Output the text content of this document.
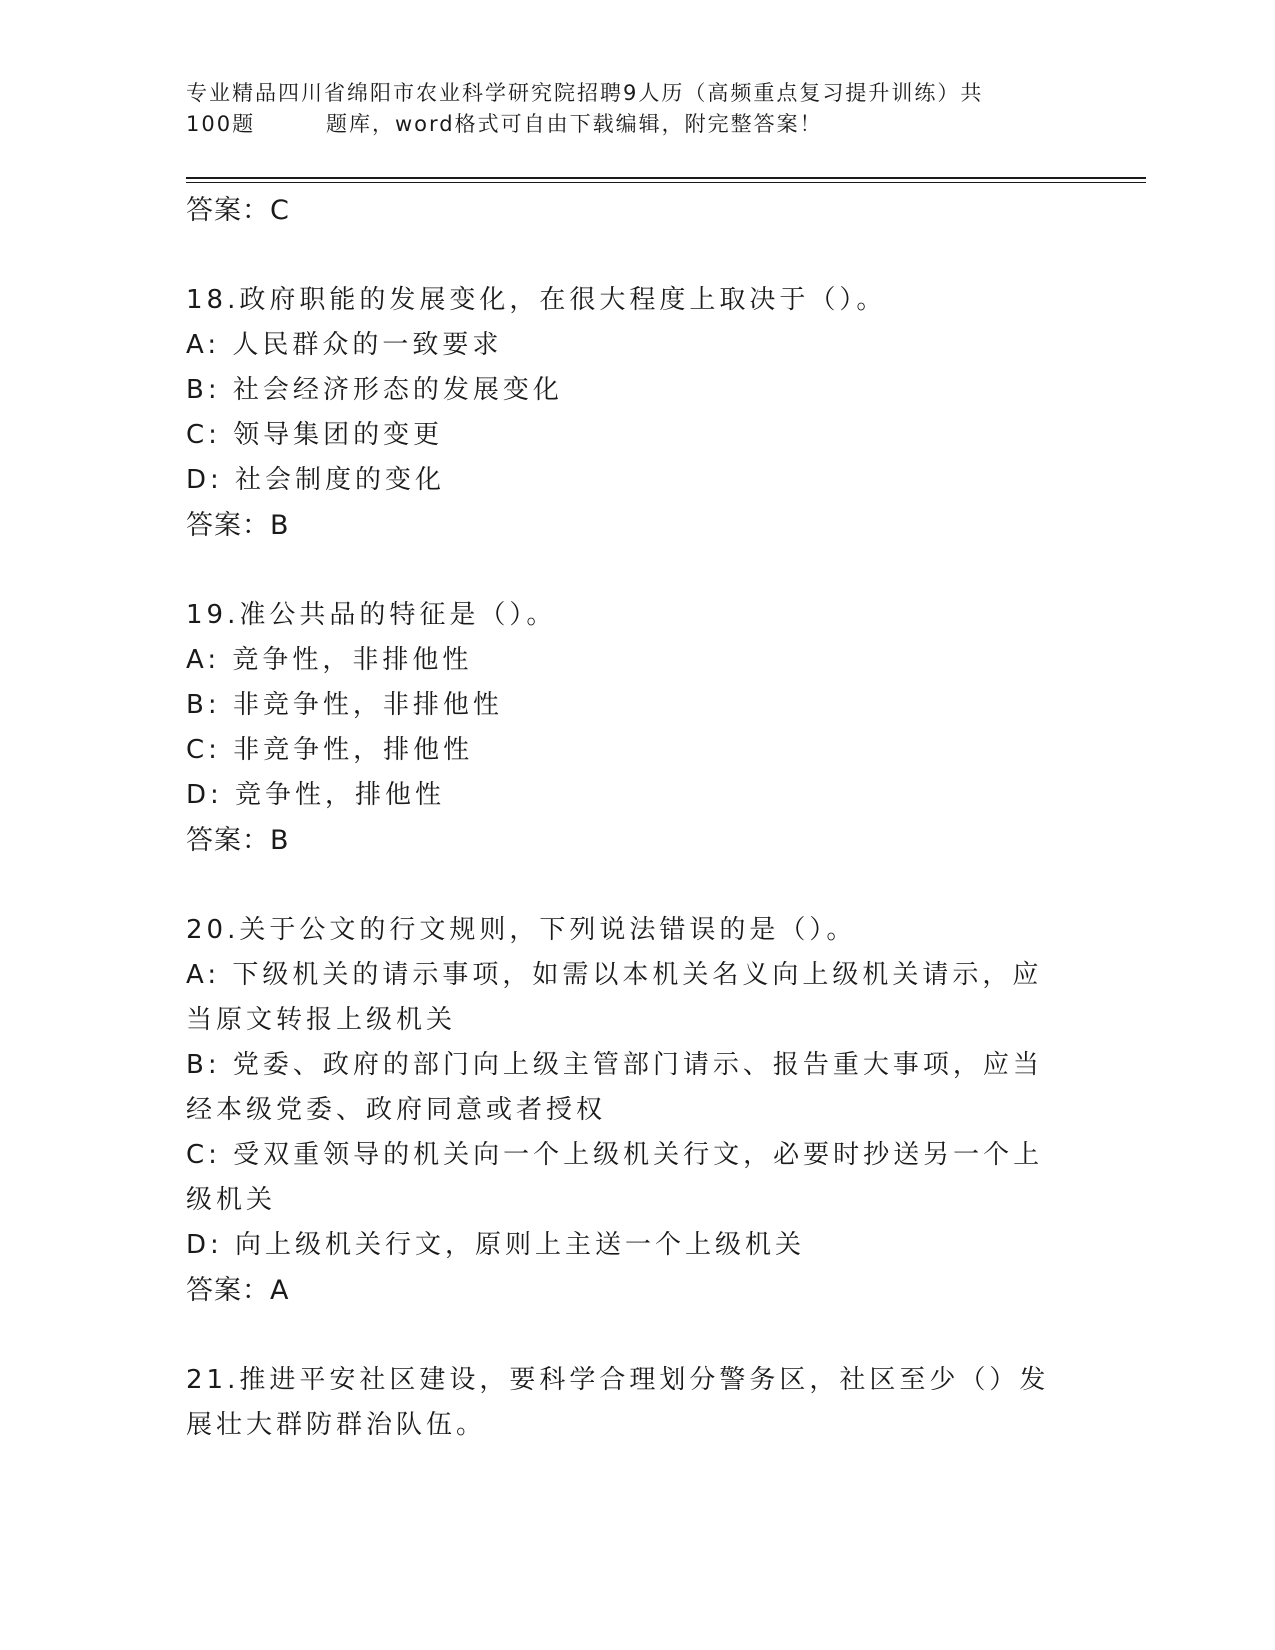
专业精品四川省绵阳市农业科学研究院招聘9人历（高频重点复习提升训练）共
100题	题库，word格式可自由下载编辑，附完整答案！
答案：C
18.政府职能的发展变化，在很大程度上取决于（）。
A: 人民群众的一致要求
B: 社会经济形态的发展变化
C: 领导集团的变更
D: 社会制度的变化
答案：B
19.准公共品的特征是（）。
A: 竞争性，非排他性
B: 非竞争性，非排他性
C: 非竞争性，排他性
D: 竞争性，排他性
答案：B
20.关于公文的行文规则，下列说法错误的是（）。
A: 下级机关的请示事项，如需以本机关名义向上级机关请示，应当原文转报上级机关
B: 党委、政府的部门向上级主管部门请示、报告重大事项，应当经本级党委、政府同意或者授权
C: 受双重领导的机关向一个上级机关行文，必要时抄送另一个上级机关
D: 向上级机关行文，原则上主送一个上级机关
答案：A
21.推进平安社区建设，要科学合理划分警务区，社区至少（）发展壮大群防群治队伍。
